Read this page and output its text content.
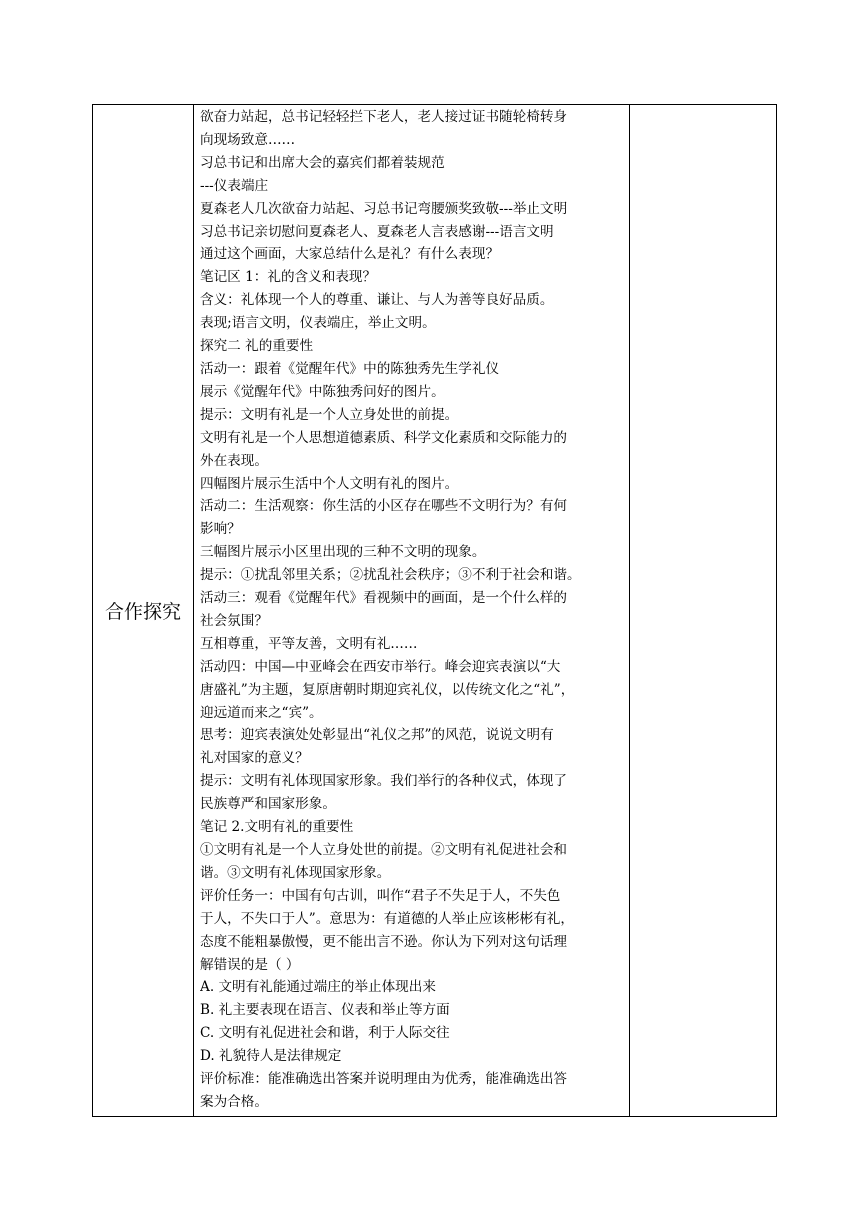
合作探究	
欲奋力站起，总书记轻轻拦下老人，老人接过证书随轮椅转身
向现场致意……
习总书记和出席大会的嘉宾们都着装规范
---仪表端庄
夏森老人几次欲奋力站起、习总书记弯腰颁奖致敬---举止文明
习总书记亲切慰问夏森老人、夏森老人言表感谢---语言文明
通过这个画面，大家总结什么是礼？有什么表现？
笔记区 1：礼的含义和表现？
含义：礼体现一个人的尊重、谦让、与人为善等良好品质。
表现;语言文明，仪表端庄，举止文明。
探究二 礼的重要性
活动一：跟着《觉醒年代》中的陈独秀先生学礼仪
展示《觉醒年代》中陈独秀问好的图片。
提示：文明有礼是一个人立身处世的前提。
文明有礼是一个人思想道德素质、科学文化素质和交际能力的
外在表现。
四幅图片展示生活中个人文明有礼的图片。
活动二：生活观察：你生活的小区存在哪些不文明行为？有何
影响？
三幅图片展示小区里出现的三种不文明的现象。
提示：①扰乱邻里关系；②扰乱社会秩序；③不利于社会和谐。
活动三：观看《觉醒年代》看视频中的画面，是一个什么样的
社会氛围？
互相尊重，平等友善，文明有礼……
活动四：中国—中亚峰会在西安市举行。峰会迎宾表演以“大
唐盛礼”为主题，复原唐朝时期迎宾礼仪，以传统文化之“礼”，
迎远道而来之“宾”。
思考：迎宾表演处处彰显出“礼仪之邦”的风范，说说文明有
礼对国家的意义？
提示：文明有礼体现国家形象。我们举行的各种仪式，体现了
民族尊严和国家形象。
笔记 2.文明有礼的重要性
①文明有礼是一个人立身处世的前提。②文明有礼促进社会和
谐。③文明有礼体现国家形象。
评价任务一：中国有句古训，叫作“君子不失足于人，不失色
于人，不失口于人”。意思为：有道德的人举止应该彬彬有礼，
态度不能粗暴傲慢，更不能出言不逊。你认为下列对这句话理
解错误的是（ ）
A. 文明有礼能通过端庄的举止体现出来
B. 礼主要表现在语言、仪表和举止等方面
C. 文明有礼促进社会和谐，利于人际交往
D. 礼貌待人是法律规定
评价标准：能准确选出答案并说明理由为优秀，能准确选出答
案为合格。
